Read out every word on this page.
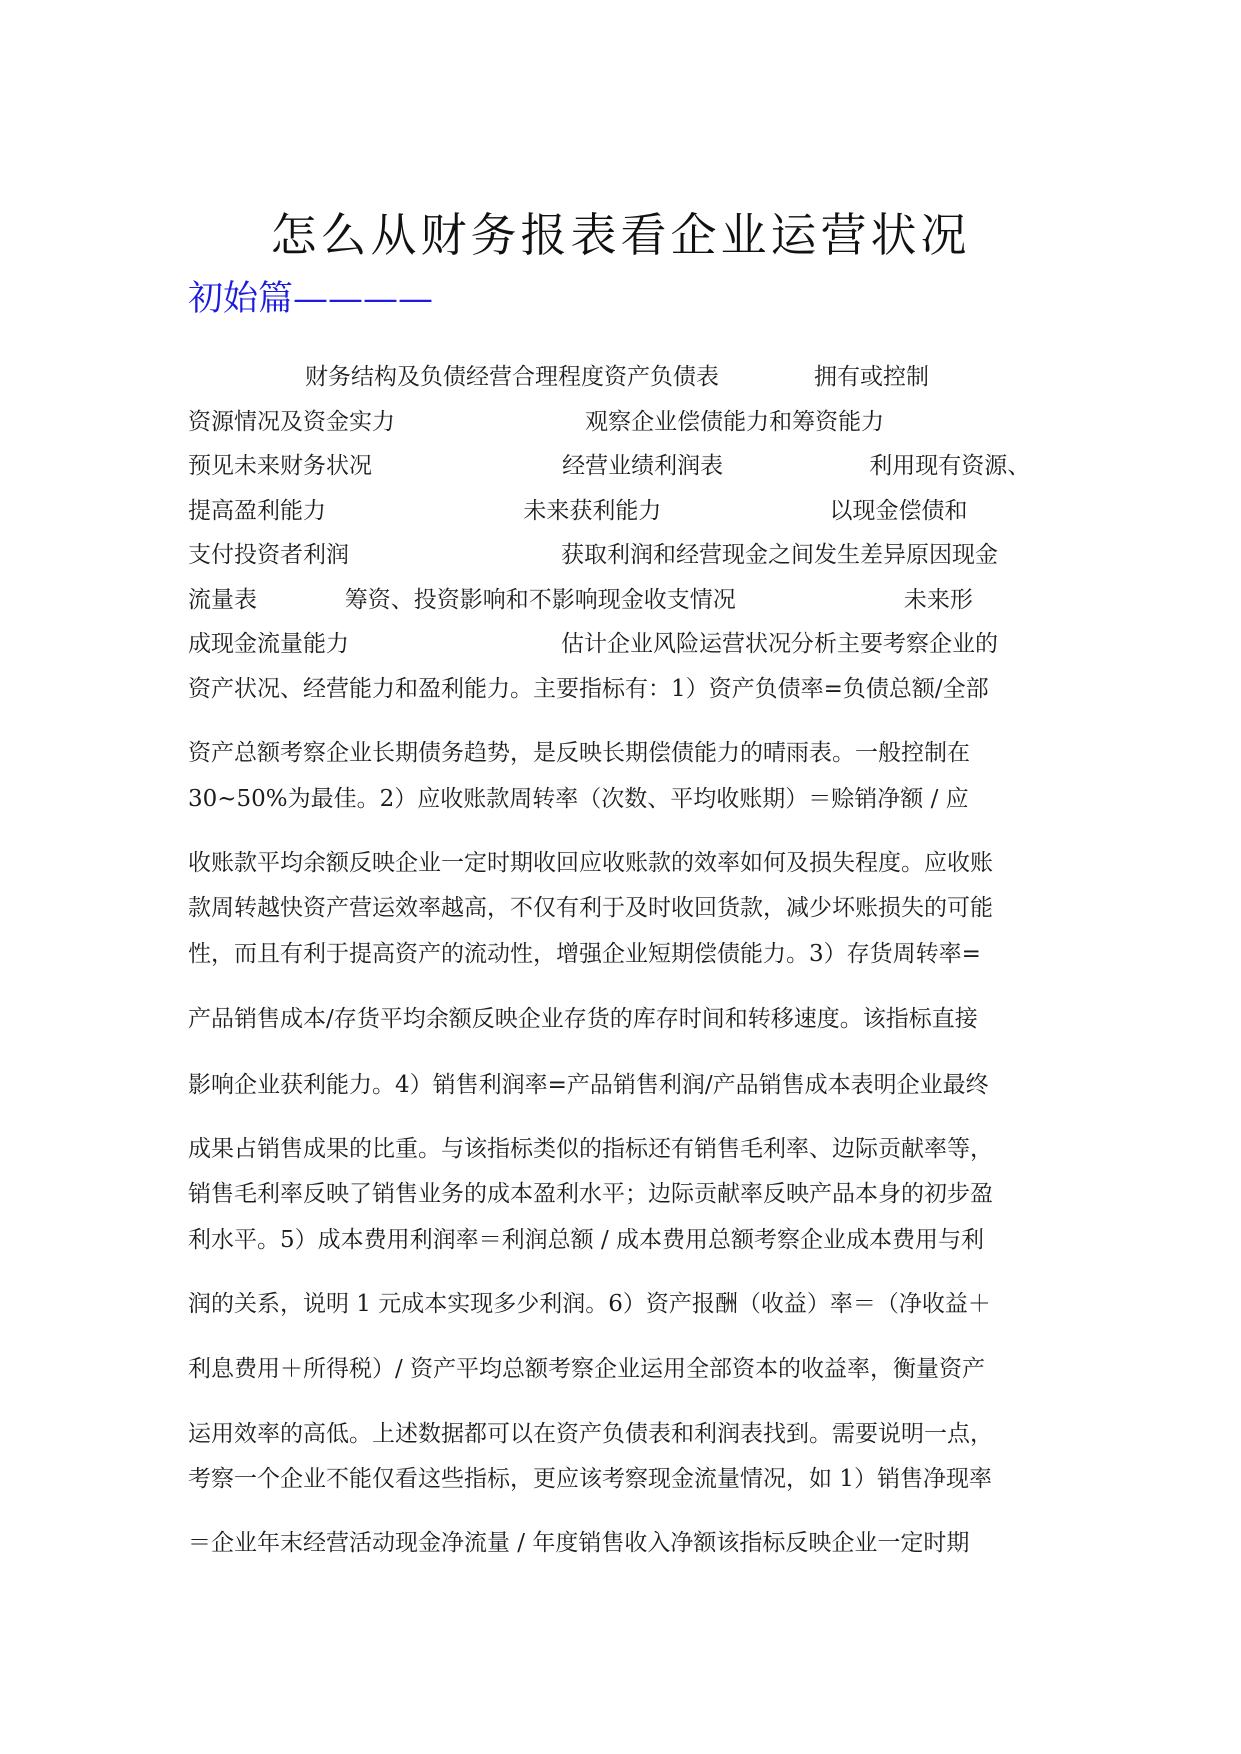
怎么从财务报表看企业运营状况
初始篇————
财务结构及负债经营合理程度资产负债表             拥有或控制
资源情况及资金实力                          观察企业偿债能力和筹资能力
预见未来财务状况                          经营业绩利润表                    利用现有资源、
提高盈利能力                           未来获利能力                       以现金偿债和
支付投资者利润                             获取利润和经营现金之间发生差异原因现金
流量表            筹资、投资影响和不影响现金收支情况                       未来形
成现金流量能力                             估计企业风险运营状况分析主要考察企业的
资产状况、经营能力和盈利能力。主要指标有：1）资产负债率=负债总额/全部
资产总额考察企业长期债务趋势，是反映长期偿债能力的晴雨表。一般控制在
30~50%为最佳。2）应收账款周转率（次数、平均收账期）＝赊销净额 / 应
收账款平均余额反映企业一定时期收回应收账款的效率如何及损失程度。应收账
款周转越快资产营运效率越高，不仅有利于及时收回货款，减少坏账损失的可能
性，而且有利于提高资产的流动性，增强企业短期偿债能力。3）存货周转率=
产品销售成本/存货平均余额反映企业存货的库存时间和转移速度。该指标直接
影响企业获利能力。4）销售利润率=产品销售利润/产品销售成本表明企业最终
成果占销售成果的比重。与该指标类似的指标还有销售毛利率、边际贡献率等，
销售毛利率反映了销售业务的成本盈利水平；边际贡献率反映产品本身的初步盈
利水平。5）成本费用利润率＝利润总额 / 成本费用总额考察企业成本费用与利
润的关系，说明 1 元成本实现多少利润。6）资产报酬（收益）率＝（净收益＋
利息费用＋所得税）/ 资产平均总额考察企业运用全部资本的收益率，衡量资产
运用效率的高低。上述数据都可以在资产负债表和利润表找到。需要说明一点，
考察一个企业不能仅看这些指标，更应该考察现金流量情况，如 1）销售净现率
＝企业年末经营活动现金净流量 / 年度销售收入净额该指标反映企业一定时期
